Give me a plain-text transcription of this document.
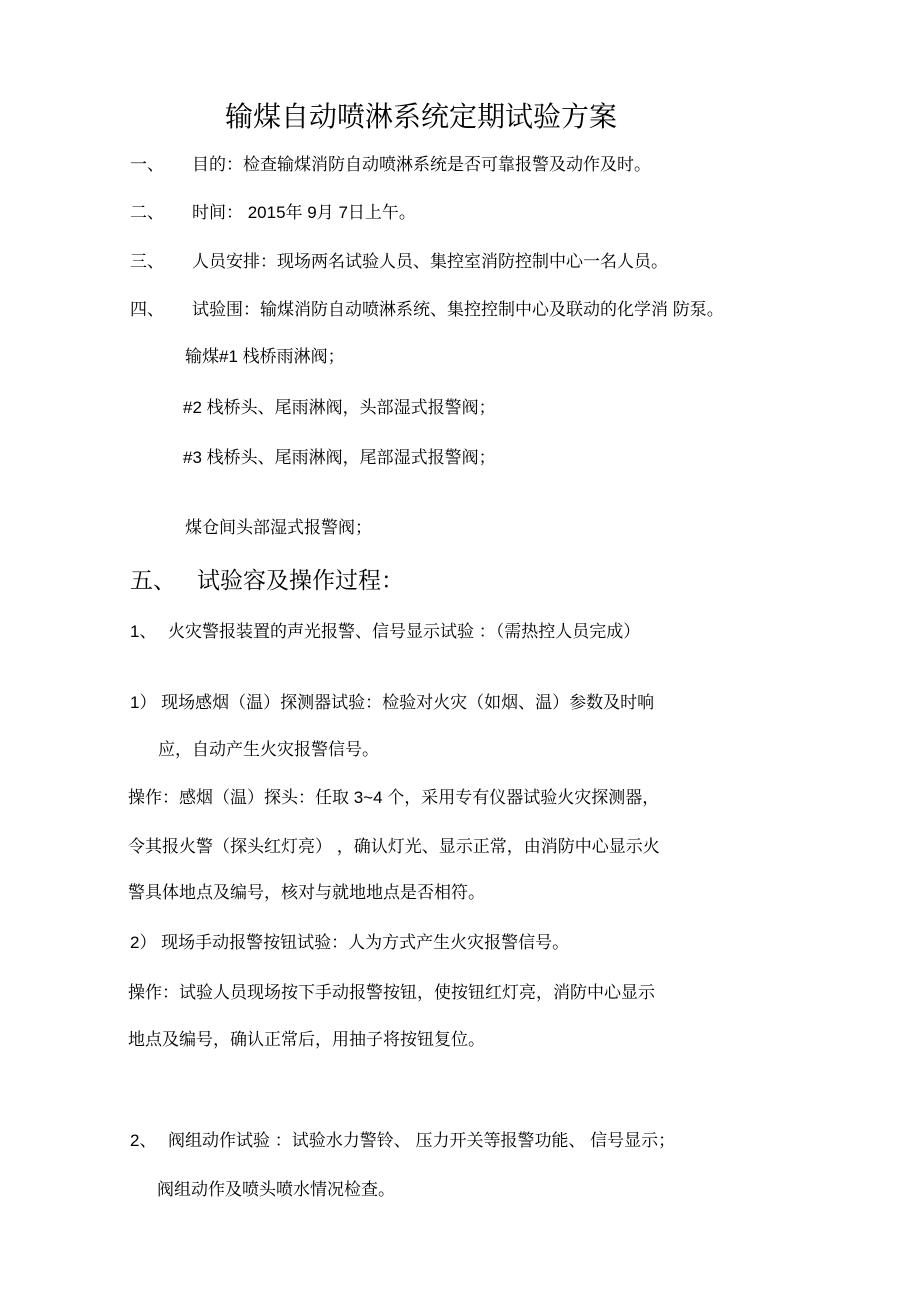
输煤自动喷淋系统定期试验方案
一、 目的：检查输煤消防自动喷淋系统是否可靠报警及动作及时。
二、 时间： 2015年 9月 7日上午。
三、 人员安排：现场两名试验人员、集控室消防控制中心一名人员。
四、 试验围：输煤消防自动喷淋系统、集控控制中心及联动的化学消 防泵。
输煤#1 栈桥雨淋阀；
#2 栈桥头、尾雨淋阀，头部湿式报警阀；
#3 栈桥头、尾雨淋阀，尾部湿式报警阀；
煤仓间头部湿式报警阀；
五、 试验容及操作过程：
1、 火灾警报装置的声光报警、信号显示试验 ：（需热控人员完成）
1） 现场感烟（温）探测器试验：检验对火灾（如烟、温）参数及时响
应，自动产生火灾报警信号。
操作：感烟（温）探头：任取 3~4 个，采用专有仪器试验火灾探测器，
令其报火警（探头红灯亮） ，确认灯光、显示正常，由消防中心显示火
警具体地点及编号，核对与就地地点是否相符。
2） 现场手动报警按钮试验：人为方式产生火灾报警信号。
操作：试验人员现场按下手动报警按钮，使按钮红灯亮，消防中心显示
地点及编号，确认正常后，用抽子将按钮复位。
2、 阀组动作试验 ：试验水力警铃、 压力开关等报警功能、 信号显示；
阀组动作及喷头喷水情况检查。
